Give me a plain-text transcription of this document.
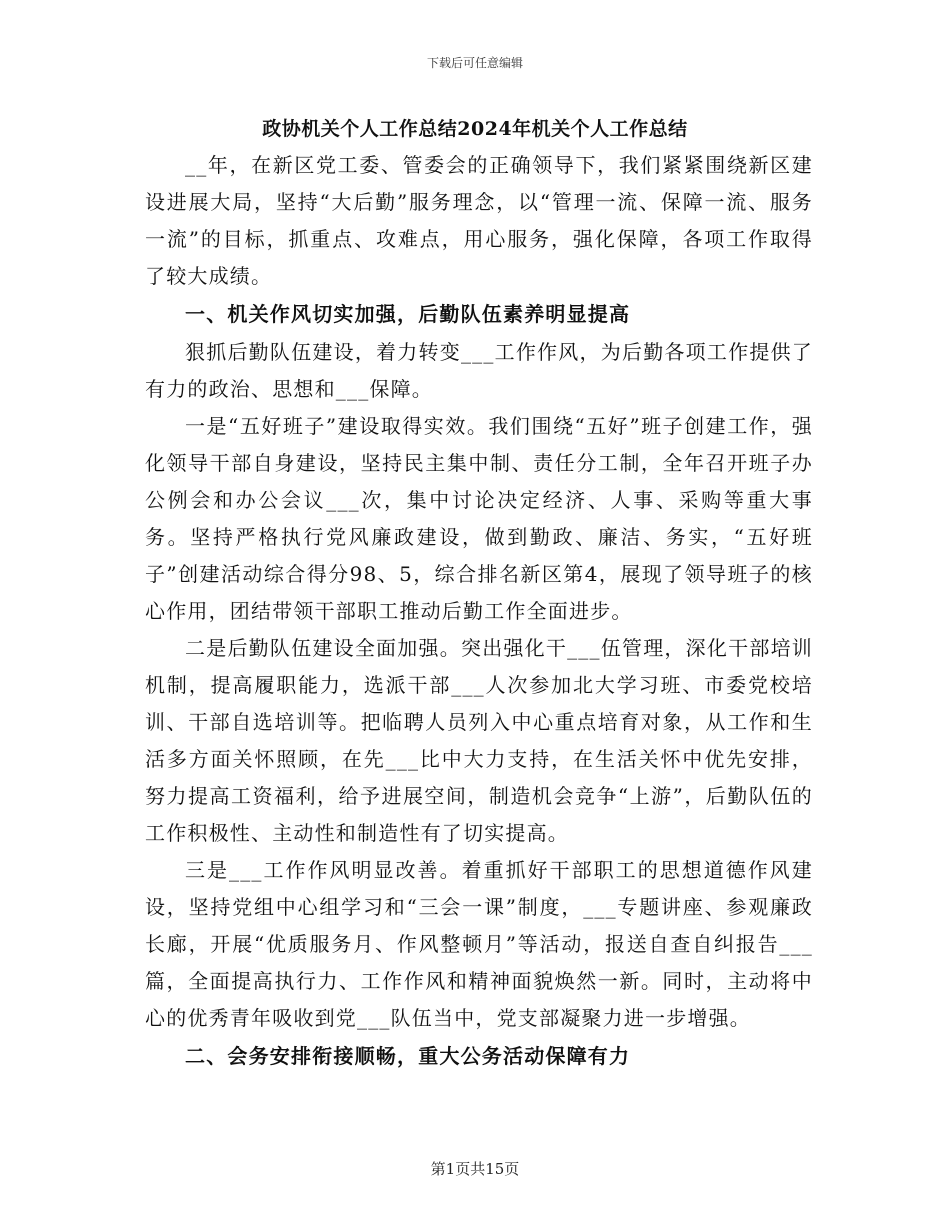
下载后可任意编辑
政协机关个人工作总结2024年机关个人工作总结

__年，在新区党工委、管委会的正确领导下，我们紧紧围绕新区建设进展大局，坚持“大后勤”服务理念，以“管理一流、保障一流、服务一流”的目标，抓重点、攻难点，用心服务，强化保障，各项工作取得了较大成绩。

一、机关作风切实加强，后勤队伍素养明显提高

狠抓后勤队伍建设，着力转变___工作作风，为后勤各项工作提供了有力的政治、思想和___保障。

一是“五好班子”建设取得实效。我们围绕“五好”班子创建工作，强化领导干部自身建设，坚持民主集中制、责任分工制，全年召开班子办公例会和办公会议___次，集中讨论决定经济、人事、采购等重大事务。坚持严格执行党风廉政建设，做到勤政、廉洁、务实，“五好班子”创建活动综合得分98、5，综合排名新区第4，展现了领导班子的核心作用，团结带领干部职工推动后勤工作全面进步。

二是后勤队伍建设全面加强。突出强化干___伍管理，深化干部培训机制，提高履职能力，选派干部___人次参加北大学习班、市委党校培训、干部自选培训等。把临聘人员列入中心重点培育对象，从工作和生活多方面关怀照顾，在先___比中大力支持，在生活关怀中优先安排，努力提高工资福利，给予进展空间，制造机会竞争“上游”，后勤队伍的工作积极性、主动性和制造性有了切实提高。

三是___工作作风明显改善。着重抓好干部职工的思想道德作风建设，坚持党组中心组学习和“三会一课”制度，___专题讲座、参观廉政长廊，开展“优质服务月、作风整顿月”等活动，报送自查自纠报告___篇，全面提高执行力、工作作风和精神面貌焕然一新。同时，主动将中心的优秀青年吸收到党___队伍当中，党支部凝聚力进一步增强。

二、会务安排衔接顺畅，重大公务活动保障有力

第1页共15页
